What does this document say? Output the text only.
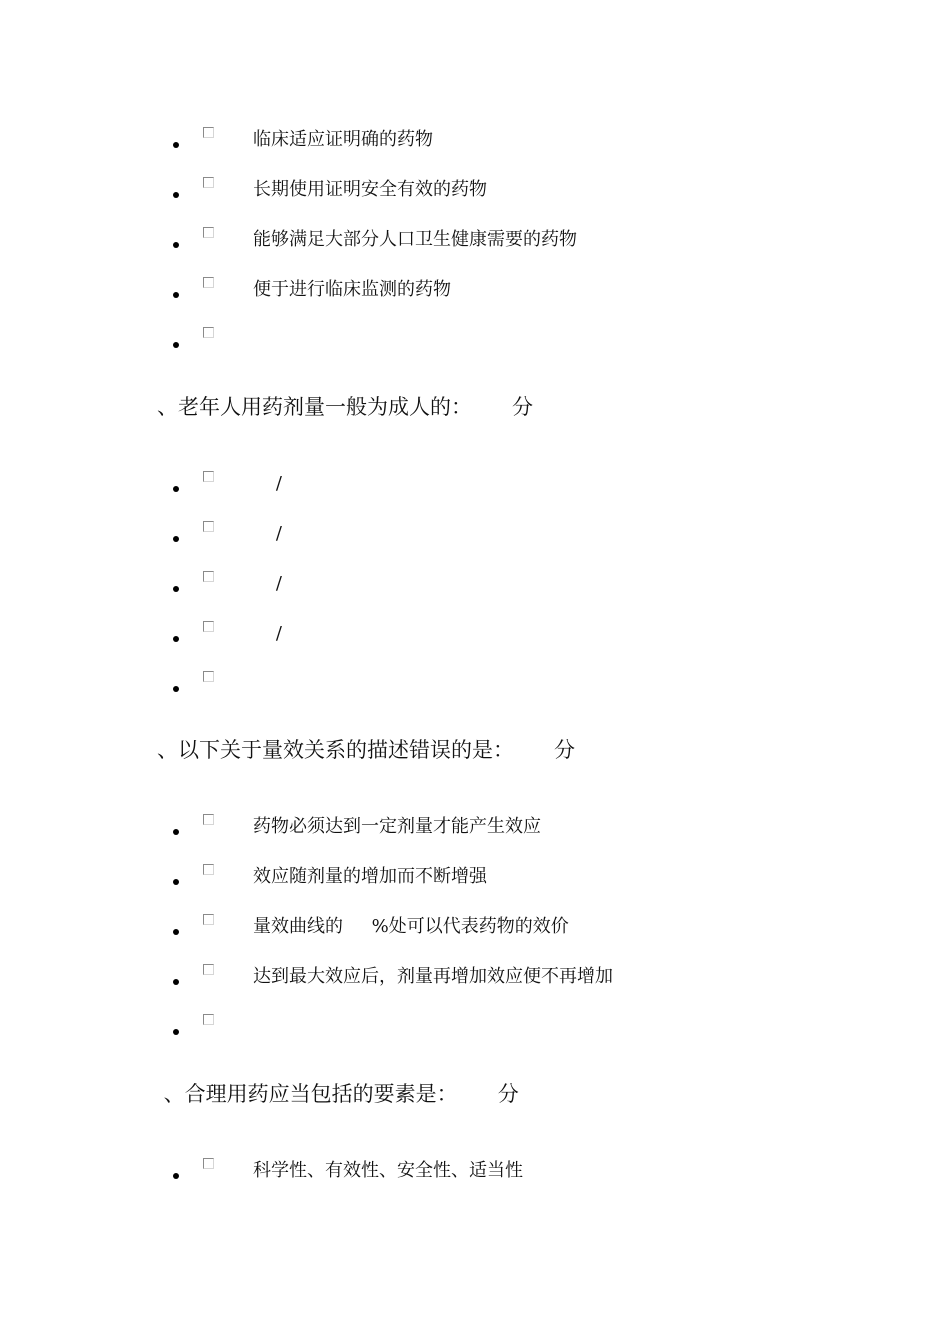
临床适应证明确的药物
长期使用证明安全有效的药物
能够满足大部分人口卫生健康需要的药物
便于进行临床监测的药物
、老年人用药剂量一般为成人的：      分
/
/
/
/
、以下关于量效关系的描述错误的是：      分
药物必须达到一定剂量才能产生效应
效应随剂量的增加而不断增强
量效曲线的     %处可以代表药物的效价
达到最大效应后，剂量再增加效应便不再增加
、合理用药应当包括的要素是：      分
科学性、有效性、安全性、适当性
